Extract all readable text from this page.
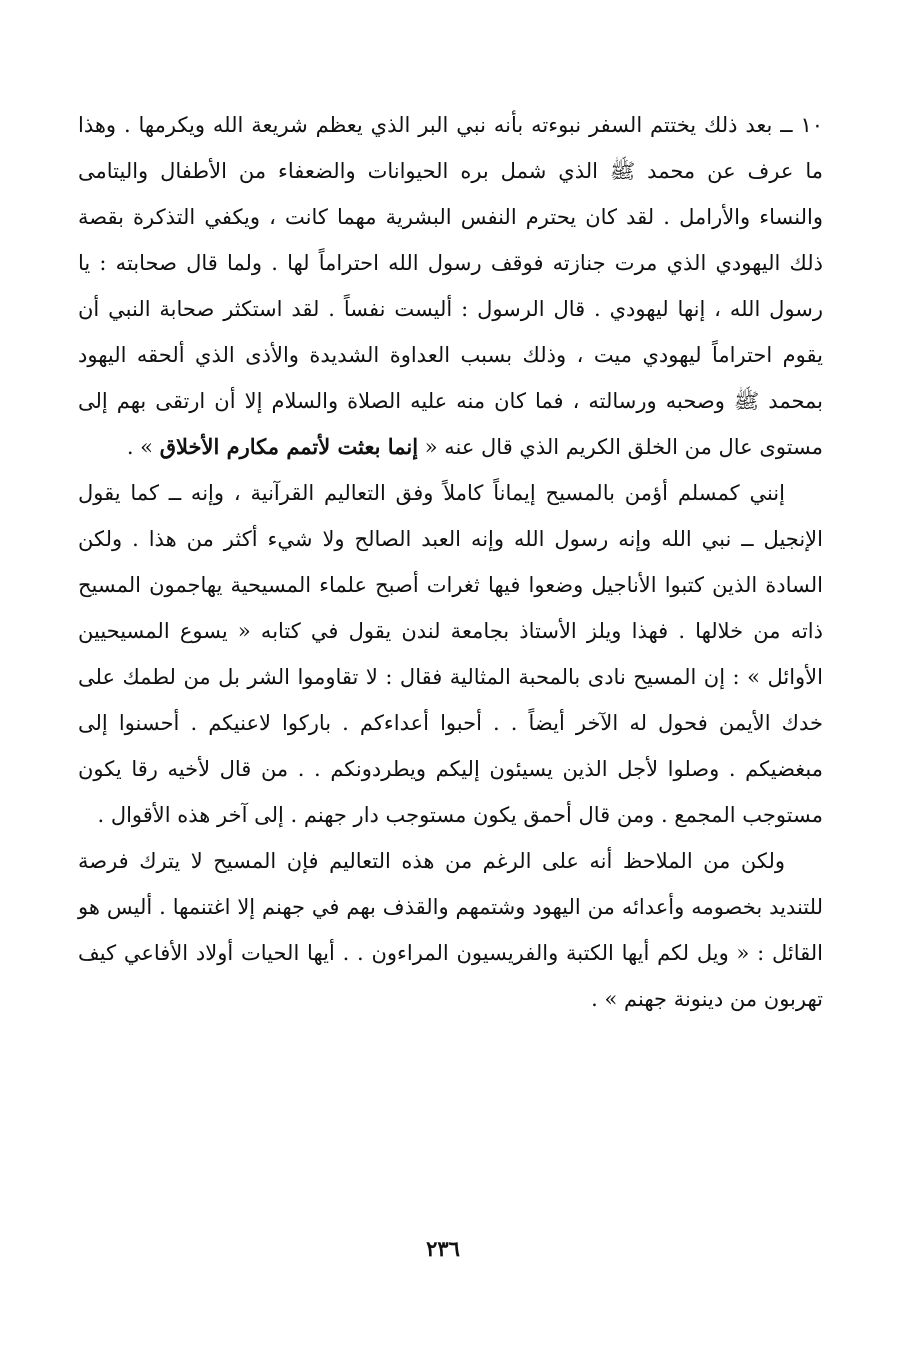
١٠ ــ بعد ذلك يختتم السفر نبوءته بأنه نبي البر الذي يعظم شريعة الله ويكرمها . وهذا ما عرف عن محمد ﷺ الذي شمل بره الحيوانات والضعفاء من الأطفال واليتامى والنساء والأرامل . لقد كان يحترم النفس البشرية مهما كانت ، ويكفي التذكرة بقصة ذلك اليهودي الذي مرت جنازته فوقف رسول الله احتراماً لها . ولما قال صحابته : يا رسول الله ، إنها ليهودي . قال الرسول : أليست نفساً . لقد استكثر صحابة النبي أن يقوم احتراماً ليهودي ميت ، وذلك بسبب العداوة الشديدة والأذى الذي ألحقه اليهود بمحمد ﷺ وصحبه ورسالته ، فما كان منه عليه الصلاة والسلام إلا أن ارتقى بهم إلى مستوى عال من الخلق الكريم الذي قال عنه « إنما بعثت لأتمم مكارم الأخلاق » .

إنني كمسلم أؤمن بالمسيح إيماناً كاملاً وفق التعاليم القرآنية ، وإنه ــ كما يقول الإنجيل ــ نبي الله وإنه رسول الله وإنه العبد الصالح ولا شيء أكثر من هذا . ولكن السادة الذين كتبوا الأناجيل وضعوا فيها ثغرات أصبح علماء المسيحية يهاجمون المسيح ذاته من خلالها . فهذا ويلز الأستاذ بجامعة لندن يقول في كتابه « يسوع المسيحيين الأوائل » : إن المسيح نادى بالمحبة المثالية فقال : لا تقاوموا الشر بل من لطمك على خدك الأيمن فحول له الآخر أيضاً . . أحبوا أعداءكم . باركوا لاعنيكم . أحسنوا إلى مبغضيكم . وصلوا لأجل الذين يسيئون إليكم ويطردونكم . . من قال لأخيه رقا يكون مستوجب المجمع . ومن قال أحمق يكون مستوجب دار جهنم . إلى آخر هذه الأقوال .

ولكن من الملاحظ أنه على الرغم من هذه التعاليم فإن المسيح لا يترك فرصة للتنديد بخصومه وأعدائه من اليهود وشتمهم والقذف بهم في جهنم إلا اغتنمها . أليس هو القائل : « ويل لكم أيها الكتبة والفريسيون المراءون . . أيها الحيات أولاد الأفاعي كيف تهربون من دينونة جهنم » .

٢٣٦
